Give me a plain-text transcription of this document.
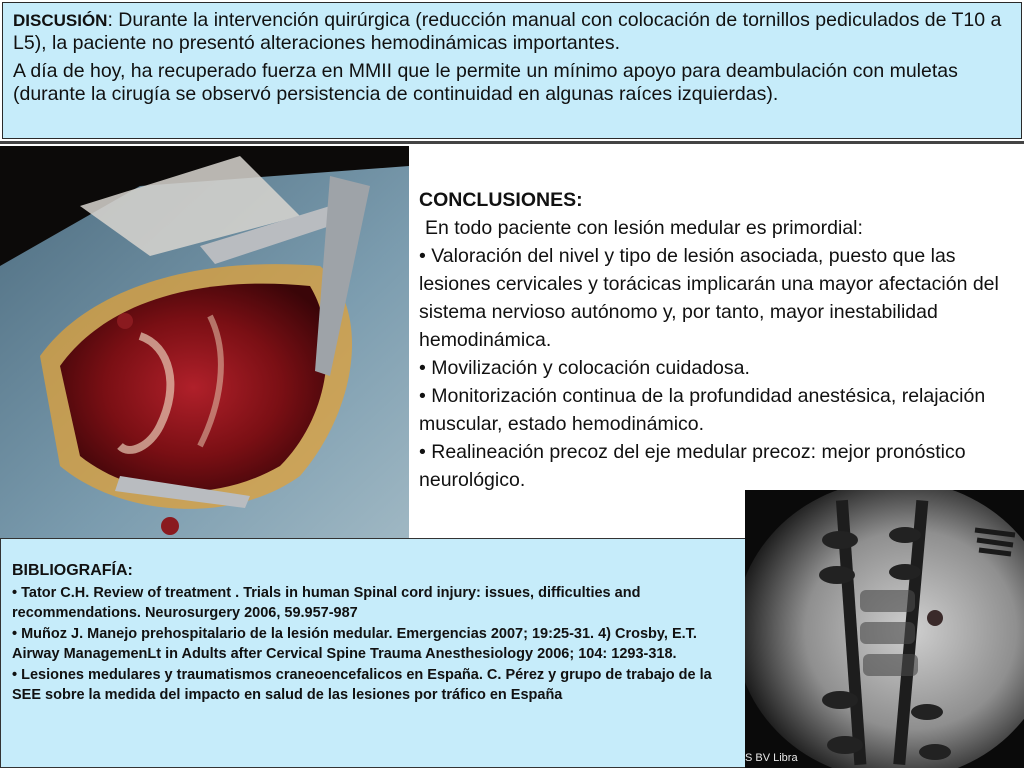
DISCUSIÓN: Durante la intervención quirúrgica (reducción manual con colocación de tornillos pediculados de T10 a L5), la paciente no presentó alteraciones hemodinámicas importantes.

A día de hoy, ha recuperado fuerza en MMII que le permite un mínimo apoyo para deambulación con muletas (durante la cirugía se observó persistencia de continuidad en algunas raíces izquierdas).

CONCLUSIONES:

En todo paciente con lesión medular es primordial:

• Valoración del nivel y tipo de lesión asociada, puesto que las lesiones cervicales y torácicas implicarán una mayor afectación del sistema nervioso autónomo y, por tanto, mayor inestabilidad hemodinámica.

• Movilización y colocación cuidadosa.

• Monitorización continua de la profundidad anestésica, relajación muscular, estado hemodinámico.

• Realineación precoz del eje medular precoz: mejor pronóstico neurológico.

BIBLIOGRAFÍA:

• Tator C.H. Review of treatment . Trials in human Spinal cord injury: issues, difficulties and recommendations. Neurosurgery 2006, 59.957-987

• Muñoz J. Manejo prehospitalario de la lesión medular. Emergencias 2007; 19:25-31. 4) Crosby, E.T. Airway ManagemenLt in Adults after Cervical Spine Trauma Anesthesiology 2006; 104: 1293-318.

• Lesiones medulares y traumatismos craneoencefalicos en España. C. Pérez y grupo de trabajo de la SEE sobre la medida del impacto en salud de las lesiones por tráfico en España

S BV Libra
